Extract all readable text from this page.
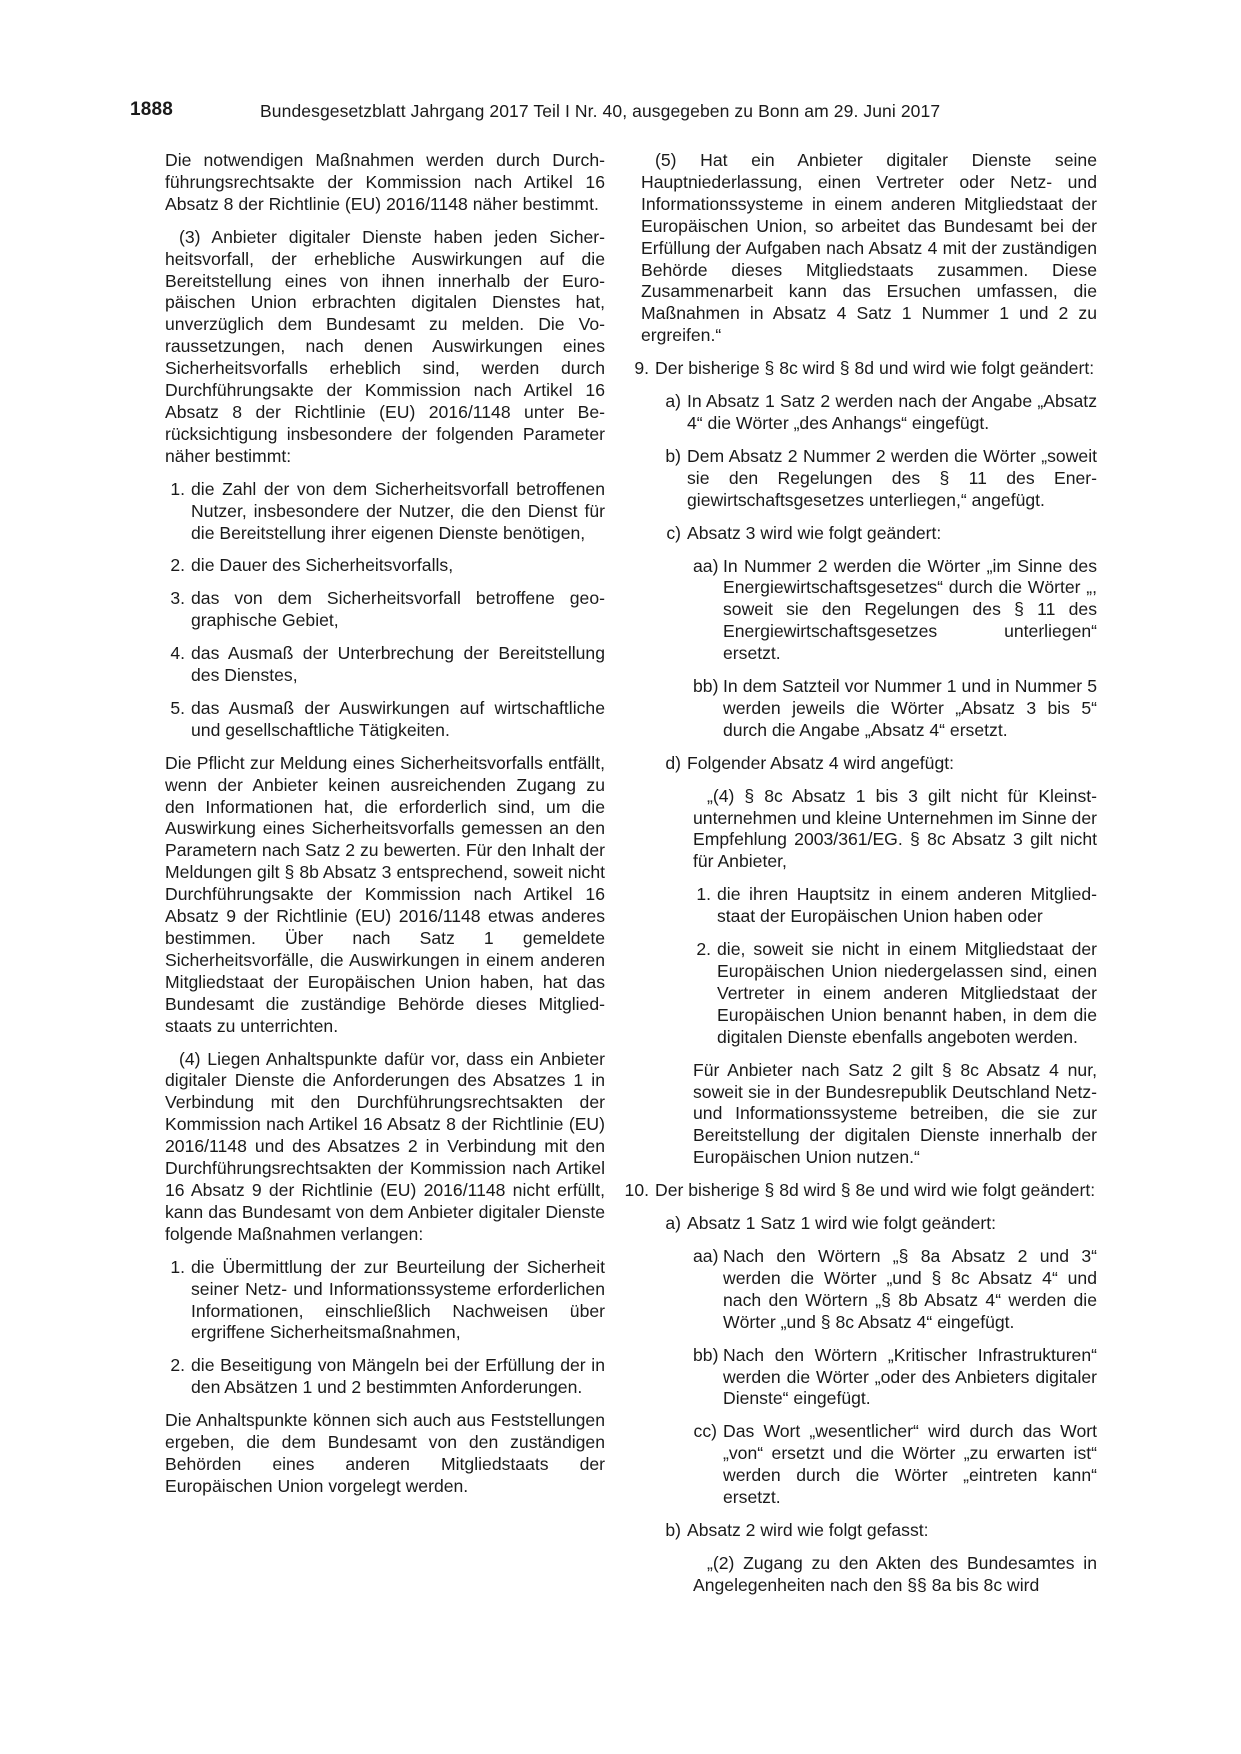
1888	Bundesgesetzblatt Jahrgang 2017 Teil I Nr. 40, ausgegeben zu Bonn am 29. Juni 2017

Die notwendigen Maßnahmen werden durch Durchführungsrechtsakte der Kommission nach Artikel 16 Absatz 8 der Richtlinie (EU) 2016/1148 näher bestimmt.

(3) Anbieter digitaler Dienste haben jeden Sicherheitsvorfall, der erhebliche Auswirkungen auf die Bereitstellung eines von ihnen innerhalb der Europäischen Union erbrachten digitalen Dienstes hat, unverzüglich dem Bundesamt zu melden. Die Voraussetzungen, nach denen Auswirkungen eines Sicherheitsvorfalls erheblich sind, werden durch Durchführungsakte der Kommission nach Artikel 16 Absatz 8 der Richtlinie (EU) 2016/1148 unter Berücksichtigung insbesondere der folgenden Parameter näher bestimmt:

1. die Zahl der von dem Sicherheitsvorfall betroffenen Nutzer, insbesondere der Nutzer, die den Dienst für die Bereitstellung ihrer eigenen Dienste benötigen,
2. die Dauer des Sicherheitsvorfalls,
3. das von dem Sicherheitsvorfall betroffene geographische Gebiet,
4. das Ausmaß der Unterbrechung der Bereitstellung des Dienstes,
5. das Ausmaß der Auswirkungen auf wirtschaftliche und gesellschaftliche Tätigkeiten.

Die Pflicht zur Meldung eines Sicherheitsvorfalls entfällt, wenn der Anbieter keinen ausreichenden Zugang zu den Informationen hat, die erforderlich sind, um die Auswirkung eines Sicherheitsvorfalls gemessen an den Parametern nach Satz 2 zu bewerten. Für den Inhalt der Meldungen gilt § 8b Absatz 3 entsprechend, soweit nicht Durchführungsakte der Kommission nach Artikel 16 Absatz 9 der Richtlinie (EU) 2016/1148 etwas anderes bestimmen. Über nach Satz 1 gemeldete Sicherheitsvorfälle, die Auswirkungen in einem anderen Mitgliedstaat der Europäischen Union haben, hat das Bundesamt die zuständige Behörde dieses Mitgliedstaats zu unterrichten.

(4) Liegen Anhaltspunkte dafür vor, dass ein Anbieter digitaler Dienste die Anforderungen des Absatzes 1 in Verbindung mit den Durchführungsrechtsakten der Kommission nach Artikel 16 Absatz 8 der Richtlinie (EU) 2016/1148 und des Absatzes 2 in Verbindung mit den Durchführungsrechtsakten der Kommission nach Artikel 16 Absatz 9 der Richtlinie (EU) 2016/1148 nicht erfüllt, kann das Bundesamt von dem Anbieter digitaler Dienste folgende Maßnahmen verlangen:

1. die Übermittlung der zur Beurteilung der Sicherheit seiner Netz- und Informationssysteme erforderlichen Informationen, einschließlich Nachweisen über ergriffene Sicherheitsmaßnahmen,
2. die Beseitigung von Mängeln bei der Erfüllung der in den Absätzen 1 und 2 bestimmten Anforderungen.

Die Anhaltspunkte können sich auch aus Feststellungen ergeben, die dem Bundesamt von den zuständigen Behörden eines anderen Mitgliedstaats der Europäischen Union vorgelegt werden.

(5) Hat ein Anbieter digitaler Dienste seine Hauptniederlassung, einen Vertreter oder Netz- und Informationssysteme in einem anderen Mitgliedstaat der Europäischen Union, so arbeitet das Bundesamt bei der Erfüllung der Aufgaben nach Absatz 4 mit der zuständigen Behörde dieses Mitgliedstaats zusammen. Diese Zusammenarbeit kann das Ersuchen umfassen, die Maßnahmen in Absatz 4 Satz 1 Nummer 1 und 2 zu ergreifen.“

9. Der bisherige § 8c wird § 8d und wird wie folgt geändert:
a) In Absatz 1 Satz 2 werden nach der Angabe „Absatz 4“ die Wörter „des Anhangs“ eingefügt.
b) Dem Absatz 2 Nummer 2 werden die Wörter „soweit sie den Regelungen des § 11 des Energiewirtschaftsgesetzes unterliegen,“ angefügt.
c) Absatz 3 wird wie folgt geändert:
aa) In Nummer 2 werden die Wörter „im Sinne des Energiewirtschaftsgesetzes“ durch die Wörter „, soweit sie den Regelungen des § 11 des Energiewirtschaftsgesetzes unterliegen“ ersetzt.
bb) In dem Satzteil vor Nummer 1 und in Nummer 5 werden jeweils die Wörter „Absatz 3 bis 5“ durch die Angabe „Absatz 4“ ersetzt.
d) Folgender Absatz 4 wird angefügt:

„(4) § 8c Absatz 1 bis 3 gilt nicht für Kleinstunternehmen und kleine Unternehmen im Sinne der Empfehlung 2003/361/EG. § 8c Absatz 3 gilt nicht für Anbieter,

1. die ihren Hauptsitz in einem anderen Mitgliedstaat der Europäischen Union haben oder
2. die, soweit sie nicht in einem Mitgliedstaat der Europäischen Union niedergelassen sind, einen Vertreter in einem anderen Mitgliedstaat der Europäischen Union benannt haben, in dem die digitalen Dienste ebenfalls angeboten werden.

Für Anbieter nach Satz 2 gilt § 8c Absatz 4 nur, soweit sie in der Bundesrepublik Deutschland Netz- und Informationssysteme betreiben, die sie zur Bereitstellung der digitalen Dienste innerhalb der Europäischen Union nutzen.“

10. Der bisherige § 8d wird § 8e und wird wie folgt geändert:
a) Absatz 1 Satz 1 wird wie folgt geändert:
aa) Nach den Wörtern „§ 8a Absatz 2 und 3“ werden die Wörter „und § 8c Absatz 4“ und nach den Wörtern „§ 8b Absatz 4“ werden die Wörter „und § 8c Absatz 4“ eingefügt.
bb) Nach den Wörtern „Kritischer Infrastrukturen“ werden die Wörter „oder des Anbieters digitaler Dienste“ eingefügt.
cc) Das Wort „wesentlicher“ wird durch das Wort „von“ ersetzt und die Wörter „zu erwarten ist“ werden durch die Wörter „eintreten kann“ ersetzt.
b) Absatz 2 wird wie folgt gefasst:

„(2) Zugang zu den Akten des Bundesamtes in Angelegenheiten nach den §§ 8a bis 8c wird
